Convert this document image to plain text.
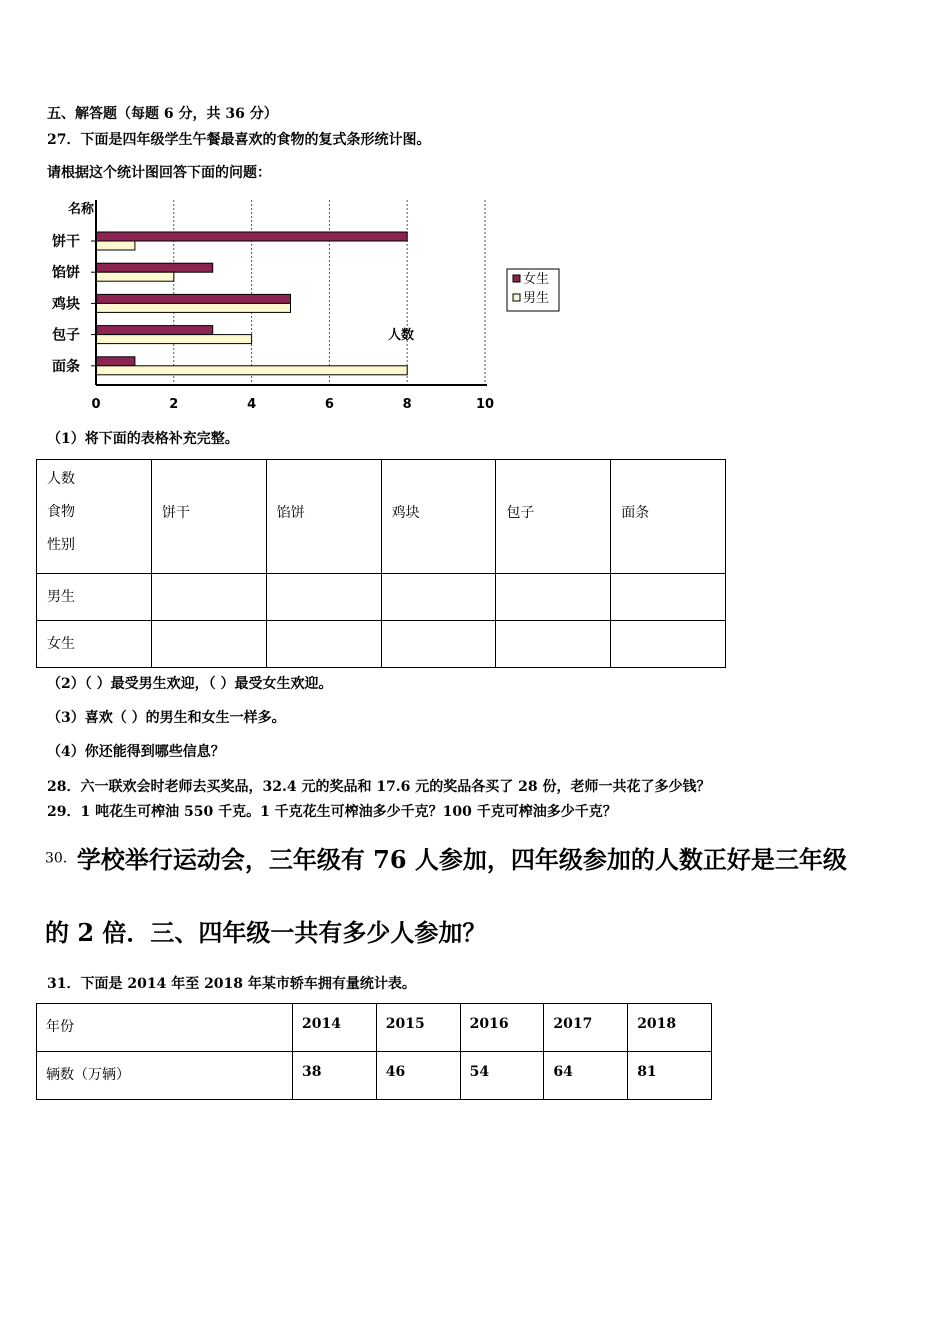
五、解答题（每题 6 分，共 36 分）
27．下面是四年级学生午餐最喜欢的食物的复式条形统计图。
请根据这个统计图回答下面的问题：
名称
人数
女生
男生
0	2	4	6	8	10
饼干
馅饼
鸡块
包子
面条
（1）将下面的表格补充完整。
人数
食物
性别	饼干	馅饼	鸡块	包子	面条
男生					
女生					
（2）（ ）最受男生欢迎，（ ）最受女生欢迎。
（3）喜欢（ ）的男生和女生一样多。
（4）你还能得到哪些信息？
28．六一联欢会时老师去买奖品，32.4 元的奖品和 17.6 元的奖品各买了 28 份，老师一共花了多少钱？
29．1 吨花生可榨油 550 千克。1 千克花生可榨油多少千克？100 千克可榨油多少千克？
30．学校举行运动会，三年级有 76 人参加，四年级参加的人数正好是三年级
的 2 倍．三、四年级一共有多少人参加？
31．下面是 2014 年至 2018 年某市轿车拥有量统计表。
年份	2014	2015	2016	2017	2018
辆数（万辆）	38	46	54	64	81
